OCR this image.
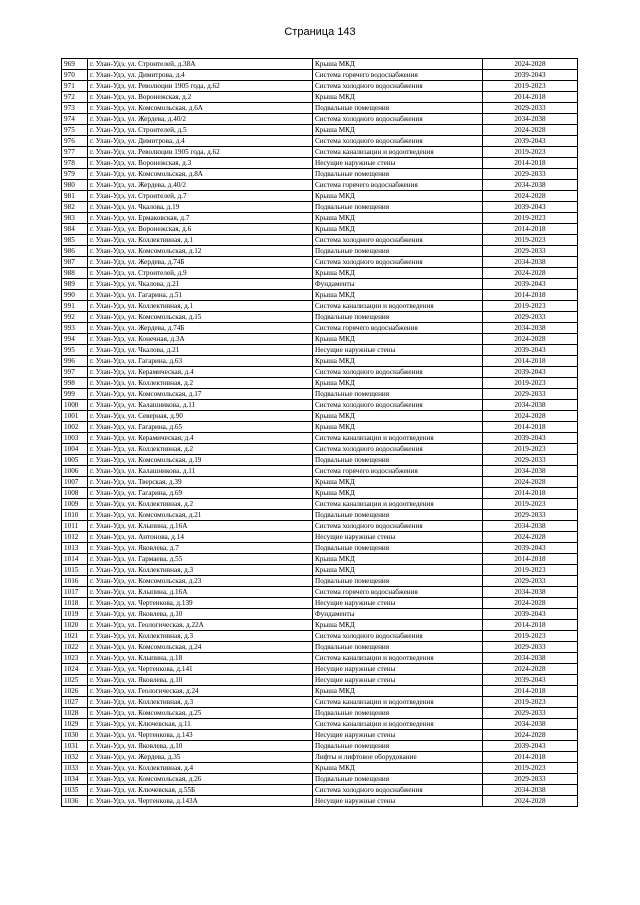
Страница 143
969	г. Улан-Удэ, ул. Строителей, д.38А	Крыша МКД	2024-2028
970	г. Улан-Удэ, ул. Димитрова, д.4	Система горячего водоснабжения	2039-2043
971	г. Улан-Удэ, ул. Революции 1905 года, д.62	Система холодного водоснабжения	2019-2023
972	г. Улан-Удэ, ул. Воронежская, д.2	Крыша МКД	2014-2018
973	г. Улан-Удэ, ул. Комсомольская, д.6А	Подвальные помещения	2029-2033
974	г. Улан-Удэ, ул. Жердева, д.40/2	Система холодного водоснабжения	2034-2038
975	г. Улан-Удэ, ул. Строителей, д.5	Крыша МКД	2024-2028
976	г. Улан-Удэ, ул. Димитрова, д.4	Система холодного водоснабжения	2039-2043
977	г. Улан-Удэ, ул. Революции 1905 года, д.62	Система канализации и водоотведения	2019-2023
978	г. Улан-Удэ, ул. Воронежская, д.3	Несущие наружные стены	2014-2018
979	г. Улан-Удэ, ул. Комсомольская, д.8А	Подвальные помещения	2029-2033
980	г. Улан-Удэ, ул. Жердева, д.40/2	Система горячего водоснабжения	2034-2038
981	г. Улан-Удэ, ул. Строителей, д.7	Крыша МКД	2024-2028
982	г. Улан-Удэ, ул. Чкалова, д.19	Подвальные помещения	2039-2043
983	г. Улан-Удэ, ул. Ермаковская, д.7	Крыша МКД	2019-2023
984	г. Улан-Удэ, ул. Воронежская, д.6	Крыша МКД	2014-2018
985	г. Улан-Удэ, ул. Коллективная, д.1	Система холодного водоснабжения	2019-2023
986	г. Улан-Удэ, ул. Комсомольская, д.12	Подвальные помещения	2029-2033
987	г. Улан-Удэ, ул. Жердева, д.74Б	Система холодного водоснабжения	2034-2038
988	г. Улан-Удэ, ул. Строителей, д.9	Крыша МКД	2024-2028
989	г. Улан-Удэ, ул. Чкалова, д.21	Фундаменты	2039-2043
990	г. Улан-Удэ, ул. Гагарина, д.51	Крыша МКД	2014-2018
991	г. Улан-Удэ, ул. Коллективная, д.1	Система канализации и водоотведения	2019-2023
992	г. Улан-Удэ, ул. Комсомольская, д.15	Подвальные помещения	2029-2033
993	г. Улан-Удэ, ул. Жердева, д.74Б	Система горячего водоснабжения	2034-2038
994	г. Улан-Удэ, ул. Конечная, д.3А	Крыша МКД	2024-2028
995	г. Улан-Удэ, ул. Чкалова, д.21	Несущие наружные стены	2039-2043
996	г. Улан-Удэ, ул. Гагарина, д.63	Крыша МКД	2014-2018
997	г. Улан-Удэ, ул. Керамическая, д.4	Система холодного водоснабжения	2039-2043
998	г. Улан-Удэ, ул. Коллективная, д.2	Крыша МКД	2019-2023
999	г. Улан-Удэ, ул. Комсомольская, д.17	Подвальные помещения	2029-2033
1000	г. Улан-Удэ, ул. Калашникова, д.11	Система холодного водоснабжения	2034-2038
1001	г. Улан-Удэ, ул. Северная, д.90	Крыша МКД	2024-2028
1002	г. Улан-Удэ, ул. Гагарина, д.65	Крыша МКД	2014-2018
1003	г. Улан-Удэ, ул. Керамическая, д.4	Система канализации и водоотведения	2039-2043
1004	г. Улан-Удэ, ул. Коллективная, д.2	Система холодного водоснабжения	2019-2023
1005	г. Улан-Удэ, ул. Комсомольская, д.19	Подвальные помещения	2029-2033
1006	г. Улан-Удэ, ул. Калашникова, д.11	Система горячего водоснабжения	2034-2038
1007	г. Улан-Удэ, ул. Тверская, д.39	Крыша МКД	2024-2028
1008	г. Улан-Удэ, ул. Гагарина, д.69	Крыша МКД	2014-2018
1009	г. Улан-Удэ, ул. Коллективная, д.2	Система канализации и водоотведения	2019-2023
1010	г. Улан-Удэ, ул. Комсомольская, д.21	Подвальные помещения	2029-2033
1011	г. Улан-Удэ, ул. Клыпина, д.16А	Система холодного водоснабжения	2034-2038
1012	г. Улан-Удэ, ул. Антонова, д.14	Несущие наружные стены	2024-2028
1013	г. Улан-Удэ, ул. Яковлева, д.7	Подвальные помещения	2039-2043
1014	г. Улан-Удэ, ул. Гармаева, д.55	Крыша МКД	2014-2018
1015	г. Улан-Удэ, ул. Коллективная, д.3	Крыша МКД	2019-2023
1016	г. Улан-Удэ, ул. Комсомольская, д.23	Подвальные помещения	2029-2033
1017	г. Улан-Удэ, ул. Клыпина, д.16А	Система горячего водоснабжения	2034-2038
1018	г. Улан-Удэ, ул. Чертенкова, д.139	Несущие наружные стены	2024-2028
1019	г. Улан-Удэ, ул. Яковлева, д.10	Фундаменты	2039-2043
1020	г. Улан-Удэ, ул. Геологическая, д.22А	Крыша МКД	2014-2018
1021	г. Улан-Удэ, ул. Коллективная, д.3	Система холодного водоснабжения	2019-2023
1022	г. Улан-Удэ, ул. Комсомольская, д.24	Подвальные помещения	2029-2033
1023	г. Улан-Удэ, ул. Клыпина, д.18	Система канализации и водоотведения	2034-2038
1024	г. Улан-Удэ, ул. Чертенкова, д.141	Несущие наружные стены	2024-2028
1025	г. Улан-Удэ, ул. Яковлева, д.10	Несущие наружные стены	2039-2043
1026	г. Улан-Удэ, ул. Геологическая, д.24	Крыша МКД	2014-2018
1027	г. Улан-Удэ, ул. Коллективная, д.3	Система канализации и водоотведения	2019-2023
1028	г. Улан-Удэ, ул. Комсомольская, д.25	Подвальные помещения	2029-2033
1029	г. Улан-Удэ, ул. Ключевская, д.11	Система канализации и водоотведения	2034-2038
1030	г. Улан-Удэ, ул. Чертенкова, д.143	Несущие наружные стены	2024-2028
1031	г. Улан-Удэ, ул. Яковлева, д.10	Подвальные помещения	2039-2043
1032	г. Улан-Удэ, ул. Жердева, д.35	Лифты и лифтовое оборудование	2014-2018
1033	г. Улан-Удэ, ул. Коллективная, д.4	Крыша МКД	2019-2023
1034	г. Улан-Удэ, ул. Комсомольская, д.26	Подвальные помещения	2029-2033
1035	г. Улан-Удэ, ул. Ключевская, д.55Б	Система холодного водоснабжения	2034-2038
1036	г. Улан-Удэ, ул. Чертенкова, д.143А	Несущие наружные стены	2024-2028
